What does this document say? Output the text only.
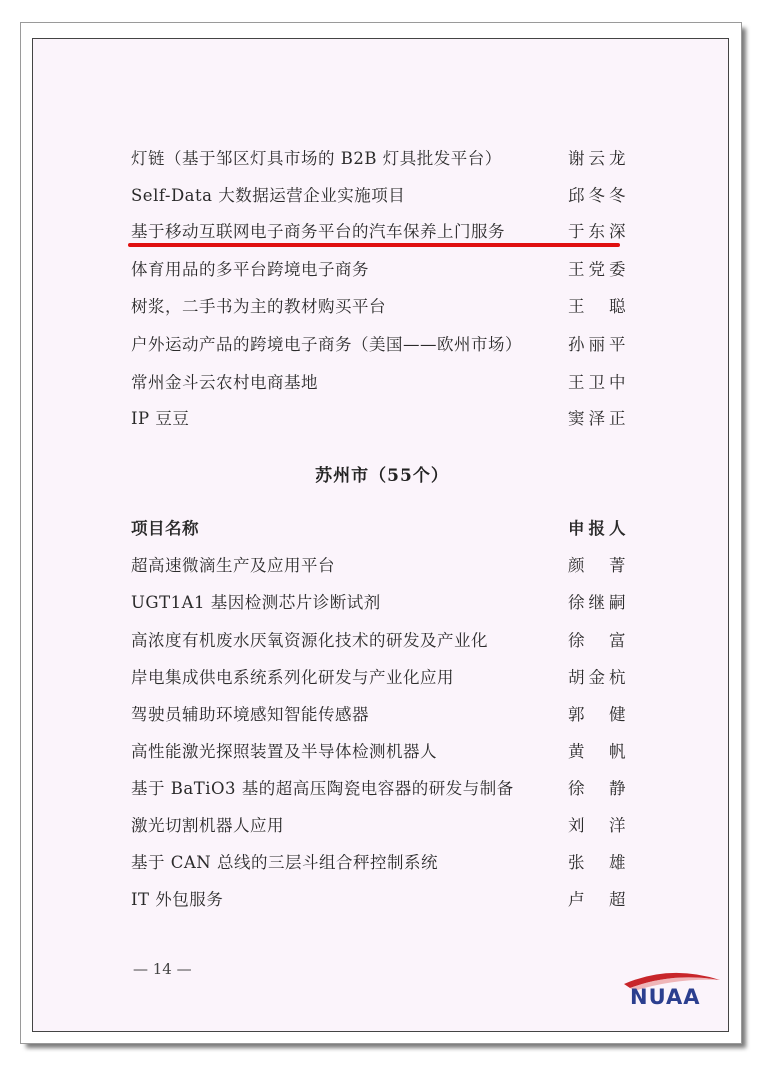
灯链（基于邹区灯具市场的 B2B 灯具批发平台）	谢云龙
Self-Data 大数据运营企业实施项目	邱冬冬
基于移动互联网电子商务平台的汽车保养上门服务	于东深
体育用品的多平台跨境电子商务	王党委
树浆，二手书为主的教材购买平台	王聪
户外运动产品的跨境电子商务（美国——欧州市场）	孙丽平
常州金斗云农村电商基地	王卫中
IP 豆豆	窦泽正
苏州市（55个）
项目名称	申报人
超高速微滴生产及应用平台	颜菁
UGT1A1 基因检测芯片诊断试剂	徐继嗣
高浓度有机废水厌氧资源化技术的研发及产业化	徐富
岸电集成供电系统系列化研发与产业化应用	胡金杭
驾驶员辅助环境感知智能传感器	郭健
高性能激光探照装置及半导体检测机器人	黄帆
基于 BaTiO3 基的超高压陶瓷电容器的研发与制备	徐静
激光切割机器人应用	刘洋
基于 CAN 总线的三层斗组合秤控制系统	张雄
IT 外包服务	卢超
— 14 —
NUAA
